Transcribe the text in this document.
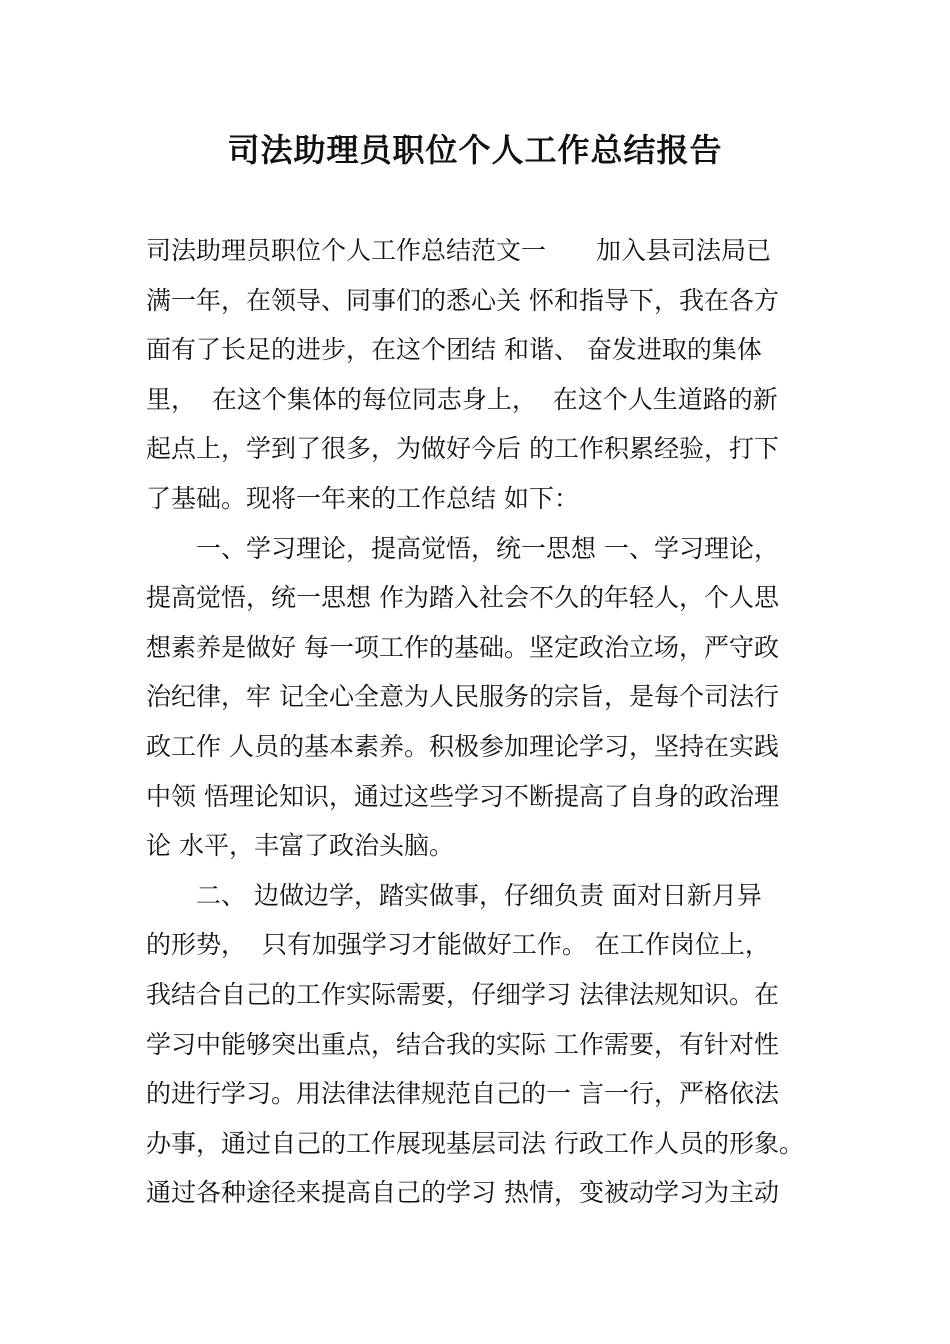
司法助理员职位个人工作总结报告

司法助理员职位个人工作总结范文一　　加入县司法局已

满一年，在领导、同事们的悉心关 怀和指导下，我在各方

面有了长足的进步，在这个团结 和谐、 奋发进取的集体

里，  在这个集体的每位同志身上，  在这个人生道路的新

起点上，学到了很多，为做好今后 的工作积累经验，打下

了基础。现将一年来的工作总结 如下：

　　一、学习理论，提高觉悟，统一思想 一、学习理论，

提高觉悟，统一思想 作为踏入社会不久的年轻人，个人思

想素养是做好 每一项工作的基础。坚定政治立场，严守政

治纪律，牢 记全心全意为人民服务的宗旨，是每个司法行

政工作 人员的基本素养。积极参加理论学习，坚持在实践

中领 悟理论知识，通过这些学习不断提高了自身的政治理

论 水平，丰富了政治头脑。

　　二、 边做边学，踏实做事，仔细负责 面对日新月异

的形势，  只有加强学习才能做好工作。 在工作岗位上，

我结合自己的工作实际需要，仔细学习 法律法规知识。在

学习中能够突出重点，结合我的实际 工作需要，有针对性

的进行学习。用法律法律规范自己的一 言一行，严格依法

办事，通过自己的工作展现基层司法 行政工作人员的形象。

通过各种途径来提高自己的学习 热情，变被动学习为主动
